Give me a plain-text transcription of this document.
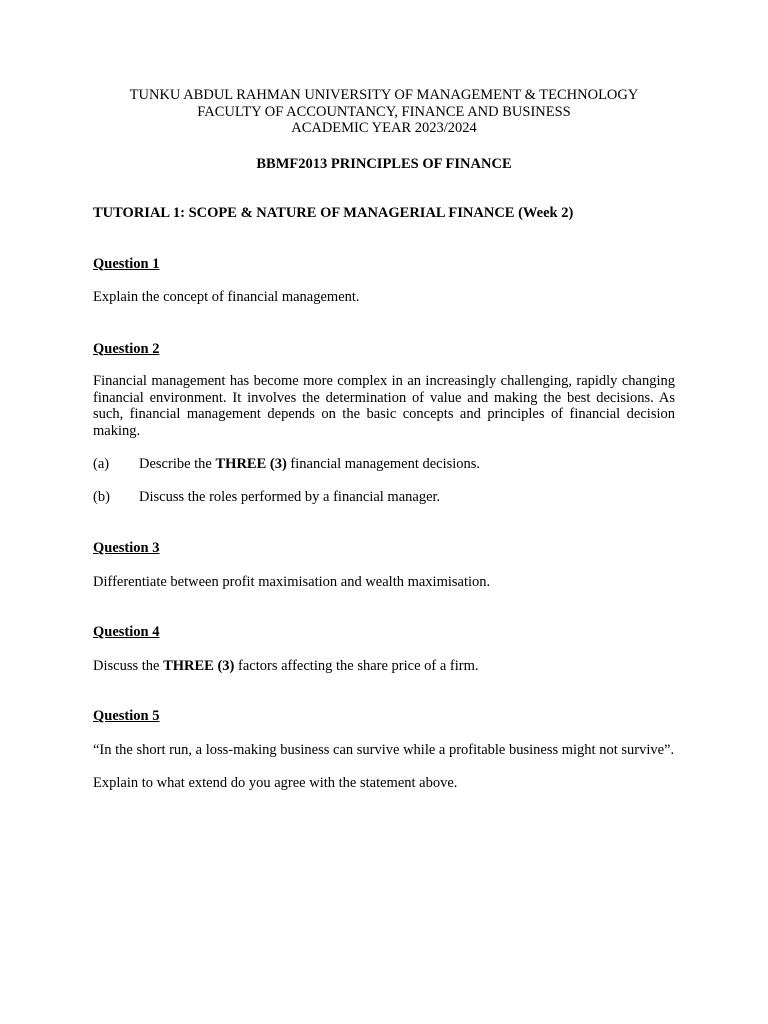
TUNKU ABDUL RAHMAN UNIVERSITY OF MANAGEMENT & TECHNOLOGY
FACULTY OF ACCOUNTANCY, FINANCE AND BUSINESS
ACADEMIC YEAR 2023/2024
BBMF2013 PRINCIPLES OF FINANCE
TUTORIAL 1: SCOPE & NATURE OF MANAGERIAL FINANCE (Week 2)
Question 1

Explain the concept of financial management.

Question 2

Financial management has become more complex in an increasingly challenging, rapidly changing financial environment. It involves the determination of value and making the best decisions. As such, financial management depends on the basic concepts and principles of financial decision making.

(a)	Describe the THREE (3) financial management decisions.
(b)	Discuss the roles performed by a financial manager.
Question 3

Differentiate between profit maximisation and wealth maximisation.

Question 4

Discuss the THREE (3) factors affecting the share price of a firm.

Question 5

“In the short run, a loss-making business can survive while a profitable business might not survive”.

Explain to what extend do you agree with the statement above.
